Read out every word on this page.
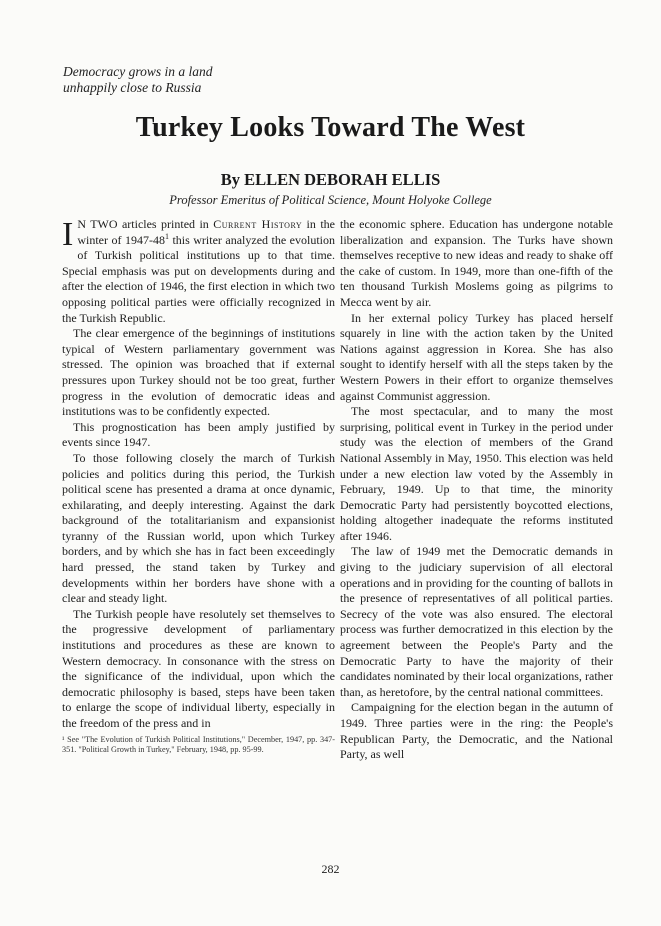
Democracy grows in a land
unhappily close to Russia
Turkey Looks Toward The West
By ELLEN DEBORAH ELLIS
Professor Emeritus of Political Science, Mount Holyoke College

I N TWO articles printed in Current History in the winter of $1947-48^1$ this writer analyzed the evolution of Turkish political institutions up to that time. Special emphasis was put on developments during and after the election of 1946, the first election in which two opposing political parties were officially recognized in the Turkish Republic.

The clear emergence of the beginnings of institutions typical of Western parliamentary government was stressed. The opinion was broached that if external pressures upon Turkey should not be too great, further progress in the evolution of democratic ideas and institutions was to be confidently expected.

This prognostication has been amply justified by events since 1947.

To those following closely the march of Turkish policies and politics during this period, the Turkish political scene has presented a drama at once dynamic, exhilarating, and deeply interesting. Against the dark background of the totalitarianism and expansionist tyranny of the Russian world, upon which Turkey borders, and by which she has in fact been exceedingly hard pressed, the stand taken by Turkey and developments within her borders have shone with a clear and steady light.

The Turkish people have resolutely set themselves to the progressive development of parliamentary institutions and procedures as these are known to Western democracy. In consonance with the stress on the significance of the individual, upon which the democratic philosophy is based, steps have been taken to enlarge the scope of individual liberty, especially in the freedom of the press and in

¹ See "The Evolution of Turkish Political Institutions," December, 1947, pp. 347-351. "Political Growth in Turkey," February, 1948, pp. 95-99.

the economic sphere. Education has undergone notable liberalization and expansion. The Turks have shown themselves receptive to new ideas and ready to shake off the cake of custom. In 1949, more than one-fifth of the ten thousand Turkish Moslems going as pilgrims to Mecca went by air.

In her external policy Turkey has placed herself squarely in line with the action taken by the United Nations against aggression in Korea. She has also sought to identify herself with all the steps taken by the Western Powers in their effort to organize themselves against Communist aggression.

The most spectacular, and to many the most surprising, political event in Turkey in the period under study was the election of members of the Grand National Assembly in May, 1950. This election was held under a new election law voted by the Assembly in February, 1949. Up to that time, the minority Democratic Party had persistently boycotted elections, holding altogether inadequate the reforms instituted after 1946.

The law of 1949 met the Democratic demands in giving to the judiciary supervision of all electoral operations and in providing for the counting of ballots in the presence of representatives of all political parties. Secrecy of the vote was also ensured. The electoral process was further democratized in this election by the agreement between the People's Party and the Democratic Party to have the majority of their candidates nominated by their local organizations, rather than, as heretofore, by the central national committees.

Campaigning for the election began in the autumn of 1949. Three parties were in the ring: the People's Republican Party, the Democratic, and the National Party, as well

282
